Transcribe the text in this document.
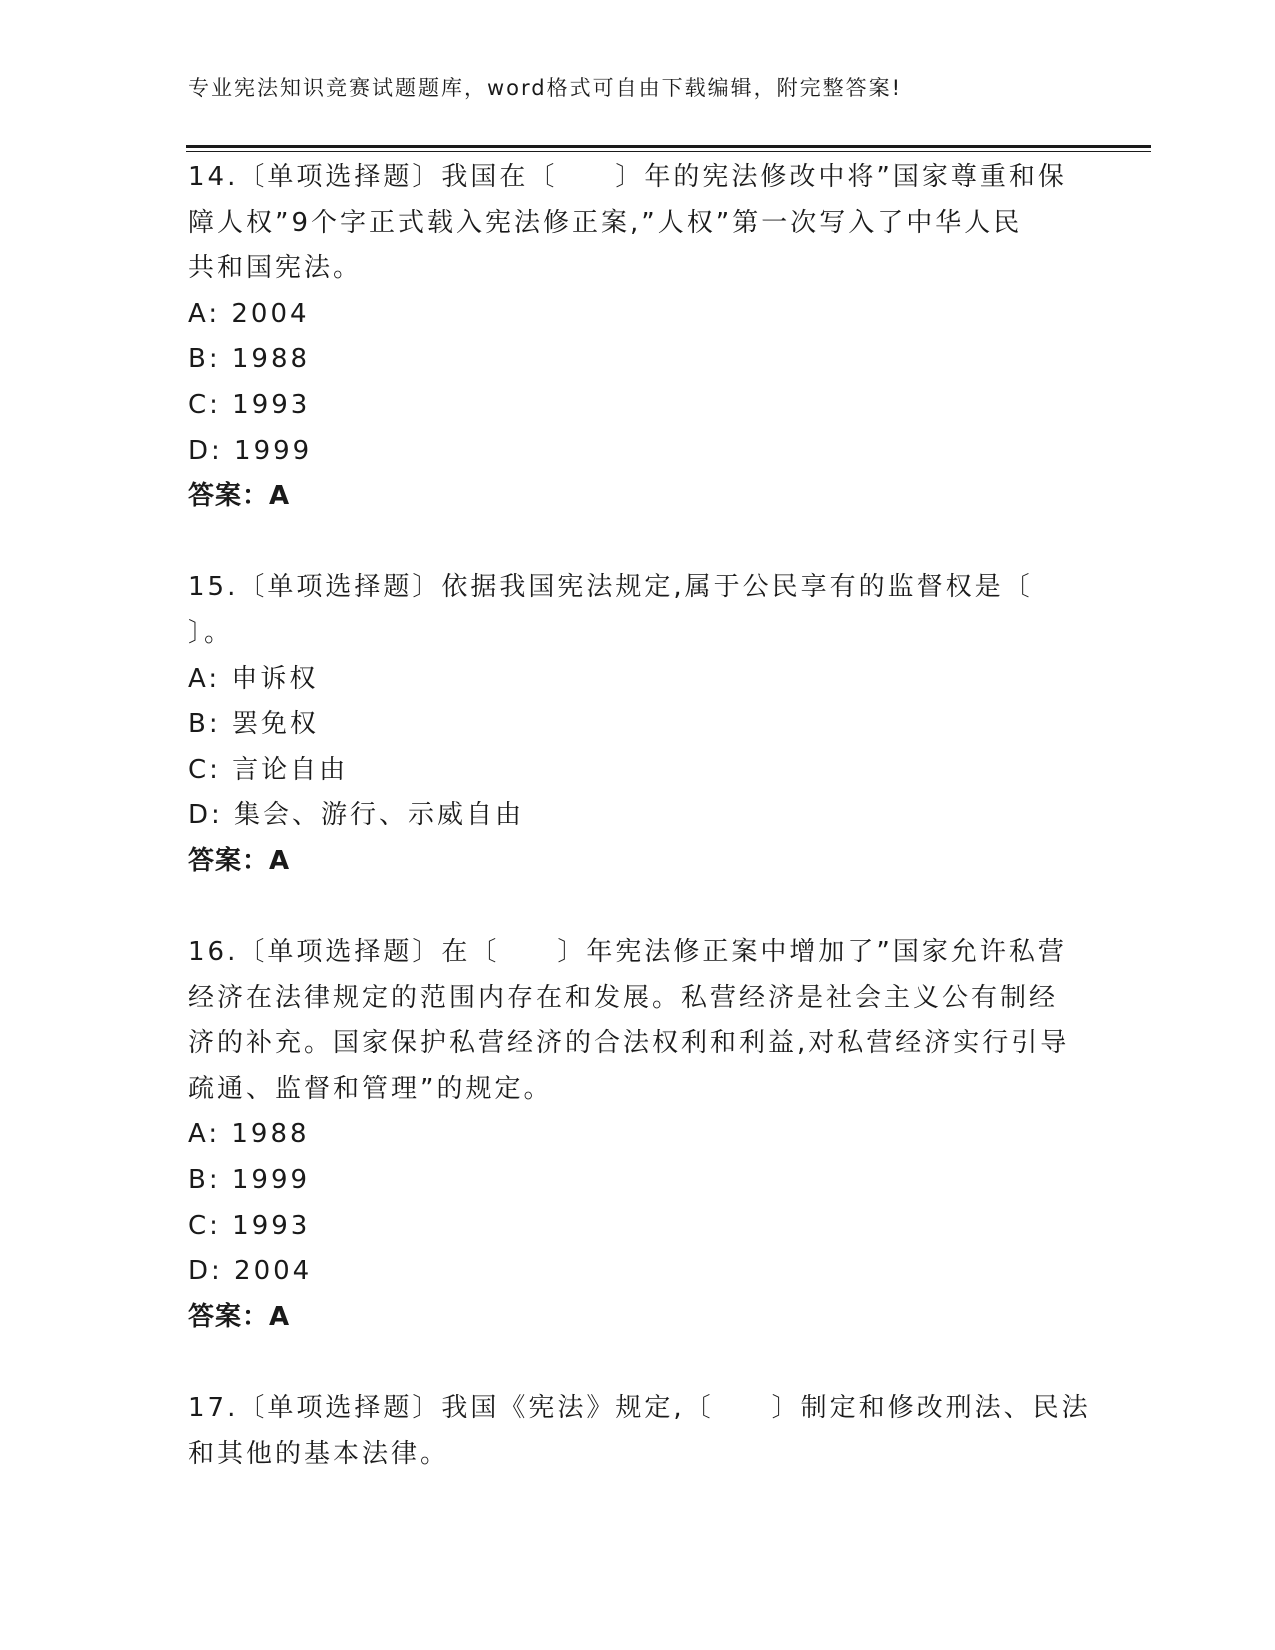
专业宪法知识竞赛试题题库，word格式可自由下载编辑，附完整答案!
14.〔单项选择题〕我国在〔　　〕年的宪法修改中将”国家尊重和保
障人权”9个字正式载入宪法修正案,”人权”第一次写入了中华人民
共和国宪法。
A: 2004
B: 1988
C: 1993
D: 1999
答案：A
15.〔单项选择题〕依据我国宪法规定,属于公民享有的监督权是〔
〕。
A: 申诉权
B: 罢免权
C: 言论自由
D: 集会、游行、示威自由
答案：A
16.〔单项选择题〕在〔　　〕年宪法修正案中增加了”国家允许私营
经济在法律规定的范围内存在和发展。私营经济是社会主义公有制经
济的补充。国家保护私营经济的合法权利和利益,对私营经济实行引导
疏通、监督和管理”的规定。
A: 1988
B: 1999
C: 1993
D: 2004
答案：A
17.〔单项选择题〕我国《宪法》规定,〔　　〕制定和修改刑法、民法
和其他的基本法律。
